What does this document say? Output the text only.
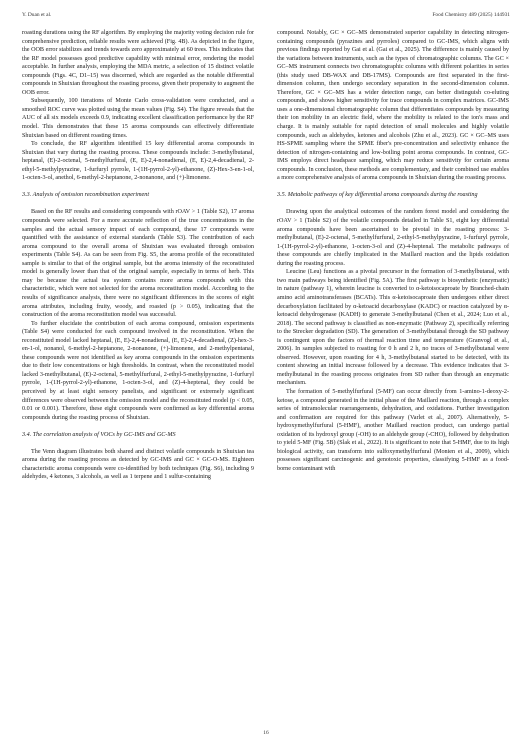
Y. Duan et al.	Food Chemistry 489 (2025) 144931

roasting durations using the RF algorithm. By employing the majority voting decision rule for comprehensive prediction, reliable results were achieved (Fig. 4B). As depicted in the figure, the OOB error stabilizes and trends towards zero approximately at 60 trees. This indicates that the RF model possesses good predictive capability with minimal error, rendering the model acceptable. In further analysis, employing the MDA metric, a selection of 15 distinct volatile compounds (Figs. 4C, D1–15) was discerned, which are regarded as the notable differential compounds in Shuixian throughout the roasting process, given their propensity to augment the OOB error.

Subsequently, 100 iterations of Monte Carlo cross-validation were conducted, and a smoothed ROC curve was plotted using the mean values (Fig. S4). The figure reveals that the AUC of all six models exceeds 0.9, indicating excellent classification performance by the RF model. This demonstrates that these 15 aroma compounds can effectively differentiate Shuixian based on different roasting times.

To conclude, the RF algorithm identified 15 key differential aroma compounds in Shuixian that vary during the roasting process. These compounds include: 3-methylbutanal, heptanal, (E)-2-octenal, 5-methylfurfural, (E, E)-2,4-nonadienal, (E, E)-2,4-decadienal, 2-ethyl-5-methylpyrazine, 1-furfuryl pyrrole, 1-(1H-pyrrol-2-yl)-ethanone, (Z)-Hex-3-en-1-ol, 1-octen-3-ol, anethol, 6-methyl-2-heptanone, 2-nonanone, and (+)-limonene.

3.3. Analysis of omission recombination experiment

Based on the RF results and considering compounds with rOAV > 1 (Table S2), 17 aroma compounds were selected. For a more accurate reflection of the true concentrations in the samples and the actual sensory impact of each compound, these 17 compounds were quantified with the assistance of external standards (Table S3). The contribution of each aroma compound to the overall aroma of Shuixian was evaluated through omission experiments (Table S4). As can be seen from Fig. S5, the aroma profile of the reconstituted sample is similar to that of the original sample, but the aroma intensity of the reconstituted model is generally lower than that of the original sample, especially in terms of herb. This may be because the actual tea system contains more aroma compounds with this characteristic, which were not selected for the aroma reconstitution model. According to the results of significance analysis, there were no significant differences in the scores of eight aroma attributes, including fruity, woody, and roasted (p > 0.05), indicating that the construction of the aroma reconstitution model was successful.

To further elucidate the contribution of each aroma compound, omission experiments (Table S4) were conducted for each compound involved in the reconstitution. When the reconstituted model lacked heptanal, (E, E)-2,4-nonadienal, (E, E)-2,4-decadienal, (Z)-hex-3-en-1-ol, nonanol, 6-methyl-2-heptanone, 2-nonanone, (+)-limonene, and 2-methylpentanal, these compounds were not identified as key aroma compounds in the omission experiments due to their low concentrations or high thresholds. In contrast, when the reconstituted model lacked 3-methylbutanal, (E)-2-octenal, 5-methylfurfural, 2-ethyl-5-methylpyrazine, 1-furfuryl pyrrole, 1-(1H-pyrrol-2-yl)-ethanone, 1-octen-3-ol, and (Z)-4-heptenal, they could be perceived by at least eight sensory panelists, and significant or extremely significant differences were observed between the omission model and the reconstituted model (p < 0.05, 0.01 or 0.001). Therefore, these eight compounds were confirmed as key differential aroma compounds during the roasting process of Shuixian.

3.4. The correlation analysis of VOCs by GC-IMS and GC-MS

The Venn diagram illustrates both shared and distinct volatile compounds in Shuixian tea aroma during the roasting process as detected by GC-IMS and GC × GC-O-MS. Eighteen characteristic aroma compounds were co-identified by both techniques (Fig. S6), including 9 aldehydes, 4 ketones, 3 alcohols, as well as 1 terpene and 1 sulfur-containing

compound. Notably, GC × GC–MS demonstrated superior capability in detecting nitrogen-containing compounds (pyrazines and pyrroles) compared to GC-IMS, which aligns with previous findings reported by Gai et al. (Gai et al., 2025). The difference is mainly caused by the variations between instruments, such as the types of chromatographic columns. The GC × GC–MS instrument connects two chromatographic columns with different polarities in series (this study used DB-WAX and DB-17MS). Compounds are first separated in the first-dimension column, then undergo secondary separation in the second-dimension column. Therefore, GC × GC–MS has a wider detection range, can better distinguish co-eluting compounds, and shows higher sensitivity for trace compounds in complex matrices. GC-IMS uses a one-dimensional chromatographic column that differentiates compounds by measuring their ion mobility in an electric field, where the mobility is related to the ion's mass and charge. It is mainly suitable for rapid detection of small molecules and highly volatile compounds, such as aldehydes, ketones and alcohols (Zhu et al., 2023). GC × GC–MS uses HS-SPME sampling where the SPME fiber's pre-concentration and selectivity enhance the detection of nitrogen-containing and low-boiling point aroma compounds. In contrast, GC-IMS employs direct headspace sampling, which may reduce sensitivity for certain aroma compounds. In conclusion, these methods are complementary, and their combined use enables a more comprehensive analysis of aroma compounds in Shuixian during the roasting process.

3.5. Metabolic pathways of key differential aroma compounds during the roasting

Drawing upon the analytical outcomes of the random forest model and considering the rOAV > 1 (Table S2) of the volatile compounds detailed in Table S1, eight key differential aroma compounds have been ascertained to be pivotal in the roasting process: 3-methylbutanal, (E)-2-octenal, 5-methylfurfural, 2-ethyl-5-methylpyrazine, 1-furfuryl pyrrole, 1-(1H-pyrrol-2-yl)-ethanone, 1-octen-3-ol and (Z)-4-heptenal. The metabolic pathways of these compounds are chiefly implicated in the Maillard reaction and the lipids oxidation during the roasting process.

Leucine (Leu) functions as a pivotal precursor in the formation of 3-methylbutanal, with two main pathways being identified (Fig. 5A). The first pathway is biosynthetic (enzymatic) in nature (pathway 1), wherein leucine is converted to α-ketoisocaproate by Branched-chain amino acid aminotransferases (BCATs). This α-ketoisocaproate then undergoes either direct decarboxylation facilitated by α-ketoacid decarboxylase (KADC) or reaction catalyzed by α-ketoacid dehydrogenase (KADH) to generate 3-methylbutanal (Chen et al., 2024; Luo et al., 2018). The second pathway is classified as non-enzymatic (Pathway 2), specifically referring to the Strecker degradation (SD). The generation of 3-methylbutanal through the SD pathway is contingent upon the factors of thermal reaction time and temperature (Granvogl et al., 2006). In samples subjected to roasting for 0 h and 2 h, no traces of 3-methylbutanal were observed. However, upon roasting for 4 h, 3-methylbutanal started to be detected, with its content showing an initial increase followed by a decrease. This evidence indicates that 3-methylbutanal in the roasting process originates from SD rather than through an enzymatic mechanism.

The formation of 5-methylfurfural (5-MF) can occur directly from 1-amino-1-deoxy-2-ketose, a compound generated in the initial phase of the Maillard reaction, through a complex series of intramolecular rearrangements, dehydration, and oxidations. Further investigation and confirmation are required for this pathway (Varlet et al., 2007). Alternatively, 5-hydroxymethylfurfural (5-HMF), another Maillard reaction product, can undergo partial oxidation of its hydroxyl group (-OH) to an aldehyde group (-CHO), followed by dehydration to yield 5-MF (Fig. 5B) (Slak et al., 2022). It is significant to note that 5-HMF, due to its high biological activity, can transform into sulfoxymethylfurfural (Monien et al., 2009), which possesses significant carcinogenic and genotoxic properties, classifying 5-HMF as a food-borne contaminant with

16
